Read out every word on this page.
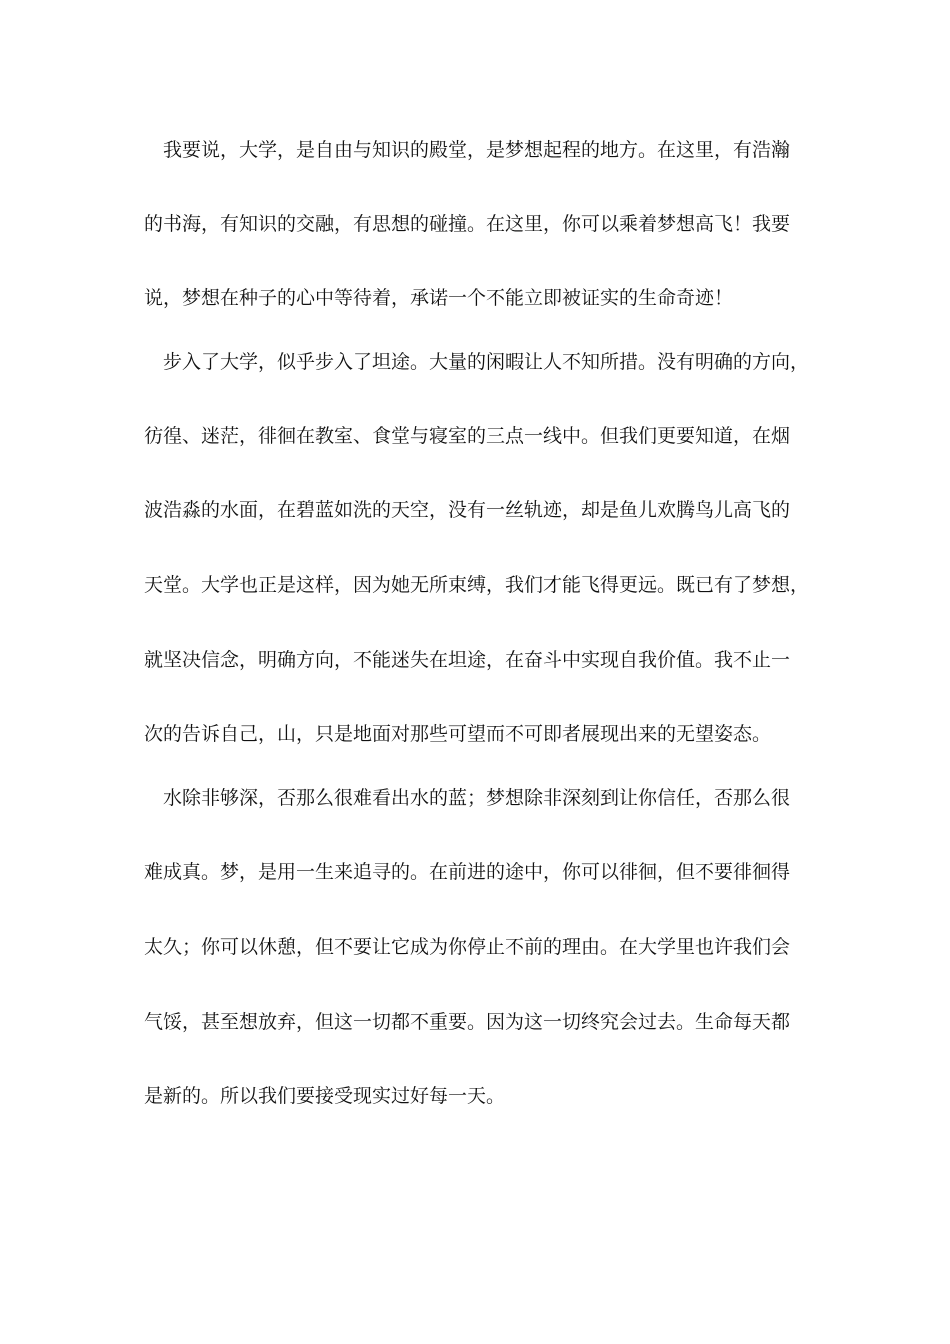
我要说，大学，是自由与知识的殿堂，是梦想起程的地方。在这里，有浩瀚

的书海，有知识的交融，有思想的碰撞。在这里，你可以乘着梦想高飞！我要

说，梦想在种子的心中等待着，承诺一个不能立即被证实的生命奇迹！

步入了大学，似乎步入了坦途。大量的闲暇让人不知所措。没有明确的方向，

彷徨、迷茫，徘徊在教室、食堂与寝室的三点一线中。但我们更要知道，在烟

波浩淼的水面，在碧蓝如洗的天空，没有一丝轨迹，却是鱼儿欢腾鸟儿高飞的

天堂。大学也正是这样，因为她无所束缚，我们才能飞得更远。既已有了梦想，

就坚决信念，明确方向，不能迷失在坦途，在奋斗中实现自我价值。我不止一

次的告诉自己，山，只是地面对那些可望而不可即者展现出来的无望姿态。

水除非够深，否那么很难看出水的蓝；梦想除非深刻到让你信任，否那么很

难成真。梦，是用一生来追寻的。在前进的途中，你可以徘徊，但不要徘徊得

太久；你可以休憩，但不要让它成为你停止不前的理由。在大学里也许我们会

气馁，甚至想放弃，但这一切都不重要。因为这一切终究会过去。生命每天都

是新的。所以我们要接受现实过好每一天。
